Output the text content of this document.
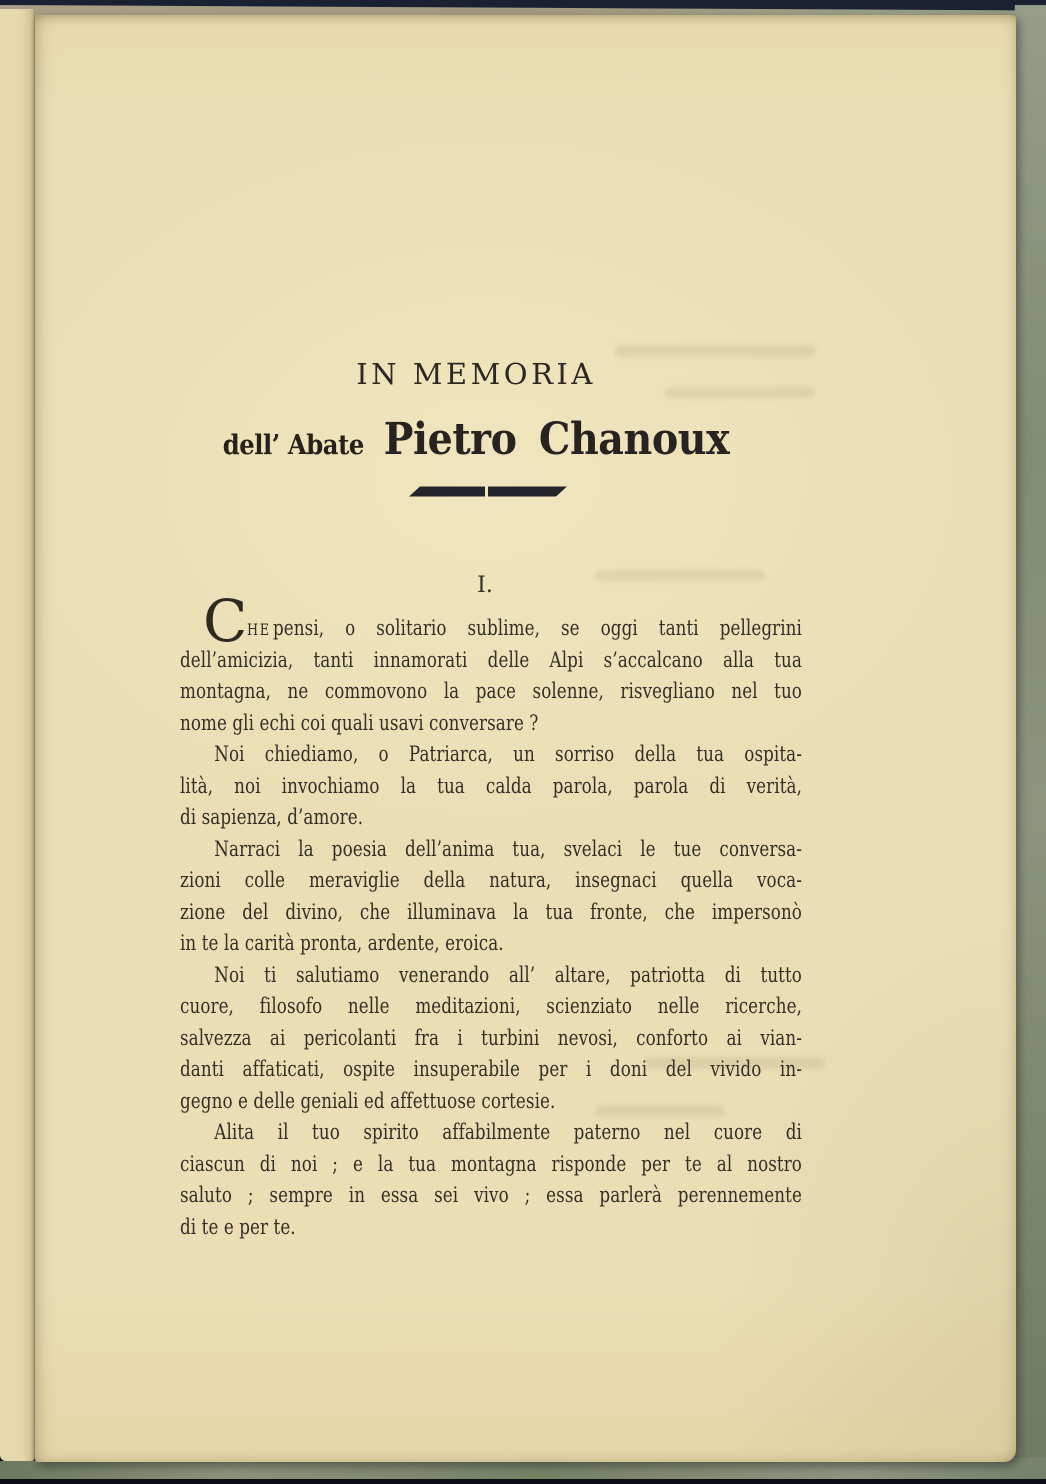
IN MEMORIA
dell’ Abate Pietro Chanoux
I.
C HE pensi, o solitario sublime, se oggi tanti pellegrini
dell’amicizia, tanti innamorati delle Alpi s’accalcano alla tua
montagna, ne commovono la pace solenne, risvegliano nel tuo
nome gli echi coi quali usavi conversare ?
Noi chiediamo, o Patriarca, un sorriso della tua ospita-
lità, noi invochiamo la tua calda parola, parola di verità,
di sapienza, d’amore.
Narraci la poesia dell’anima tua, svelaci le tue conversa-
zioni colle meraviglie della natura, insegnaci quella voca-
zione del divino, che illuminava la tua fronte, che impersonò
in te la carità pronta, ardente, eroica.
Noi ti salutiamo venerando all’ altare, patriotta di tutto
cuore, filosofo nelle meditazioni, scienziato nelle ricerche,
salvezza ai pericolanti fra i turbini nevosi, conforto ai vian-
danti affaticati, ospite insuperabile per i doni del vivido in-
gegno e delle geniali ed affettuose cortesie.
Alita il tuo spirito affabilmente paterno nel cuore di
ciascun di noi ; e la tua montagna risponde per te al nostro
saluto ; sempre in essa sei vivo ; essa parlerà perennemente
di te e per te.
